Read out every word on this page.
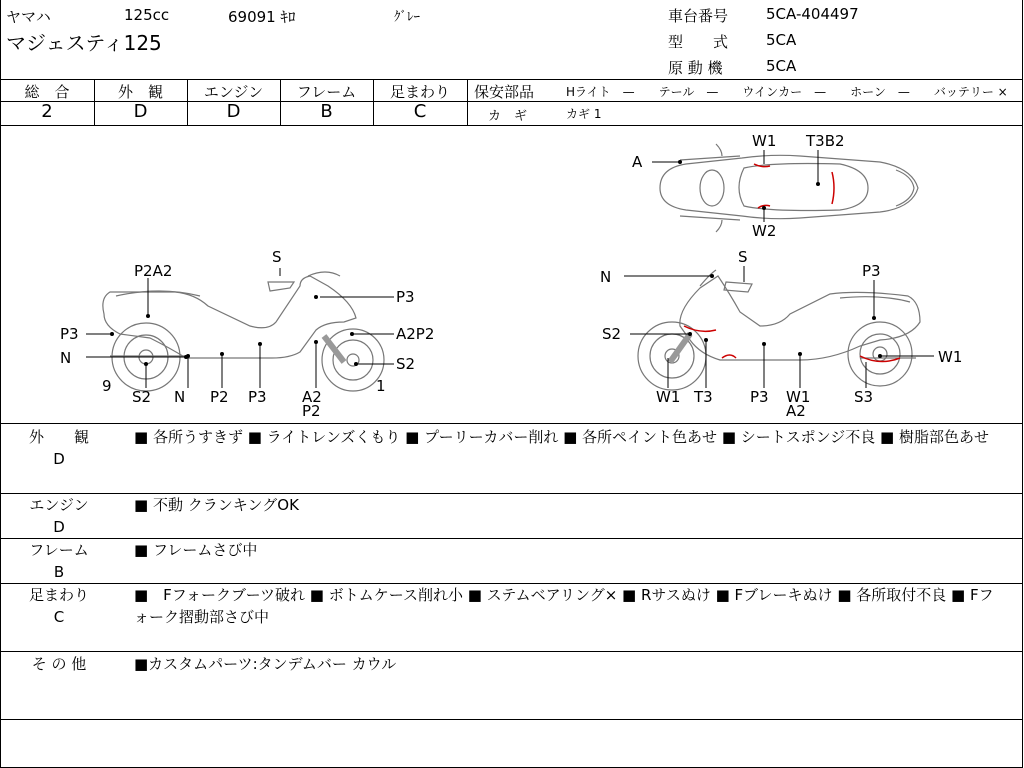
ヤマハ	125cc	69091 ｷﾛ	ｸﾞﾚｰ
マジェスティ125
車台番号	5CA-404497
型　　式	5CA
原 動 機	5CA
総　合	外　観	エンジン	フレーム	足まわり
2	D	D	B	C
保安部品	Hライト　—　　テール　—　　ウインカー　—　　ホーン　—　　バッテリー ×
カ　ギ	カギ 1
S
P2A2
P3
P3
N
A2P2
S2
9
S2 N P2 P3 A2
P2
1
A
W1 T3B2
W2
N
S
P3
S2
W1
W1 T3 P3 W1
A2
S3
外　　観
D
■ 各所うすきず ■ ライトレンズくもり ■ プーリーカバー削れ ■ 各所ペイント色あせ ■ シートスポンジ不良 ■ 樹脂部色あせ
エンジン
D
■ 不動 クランキングOK
フレーム
B
■ フレームさび中
足まわり
C
■　Fフォークブーツ破れ ■ ボトムケース削れ小 ■ ステムベアリング× ■ Rサスぬけ ■ Fブレーキぬけ ■ 各所取付不良 ■ Fフォーク摺動部さび中
そ の 他	■カスタムパーツ:タンデムバー カウル
